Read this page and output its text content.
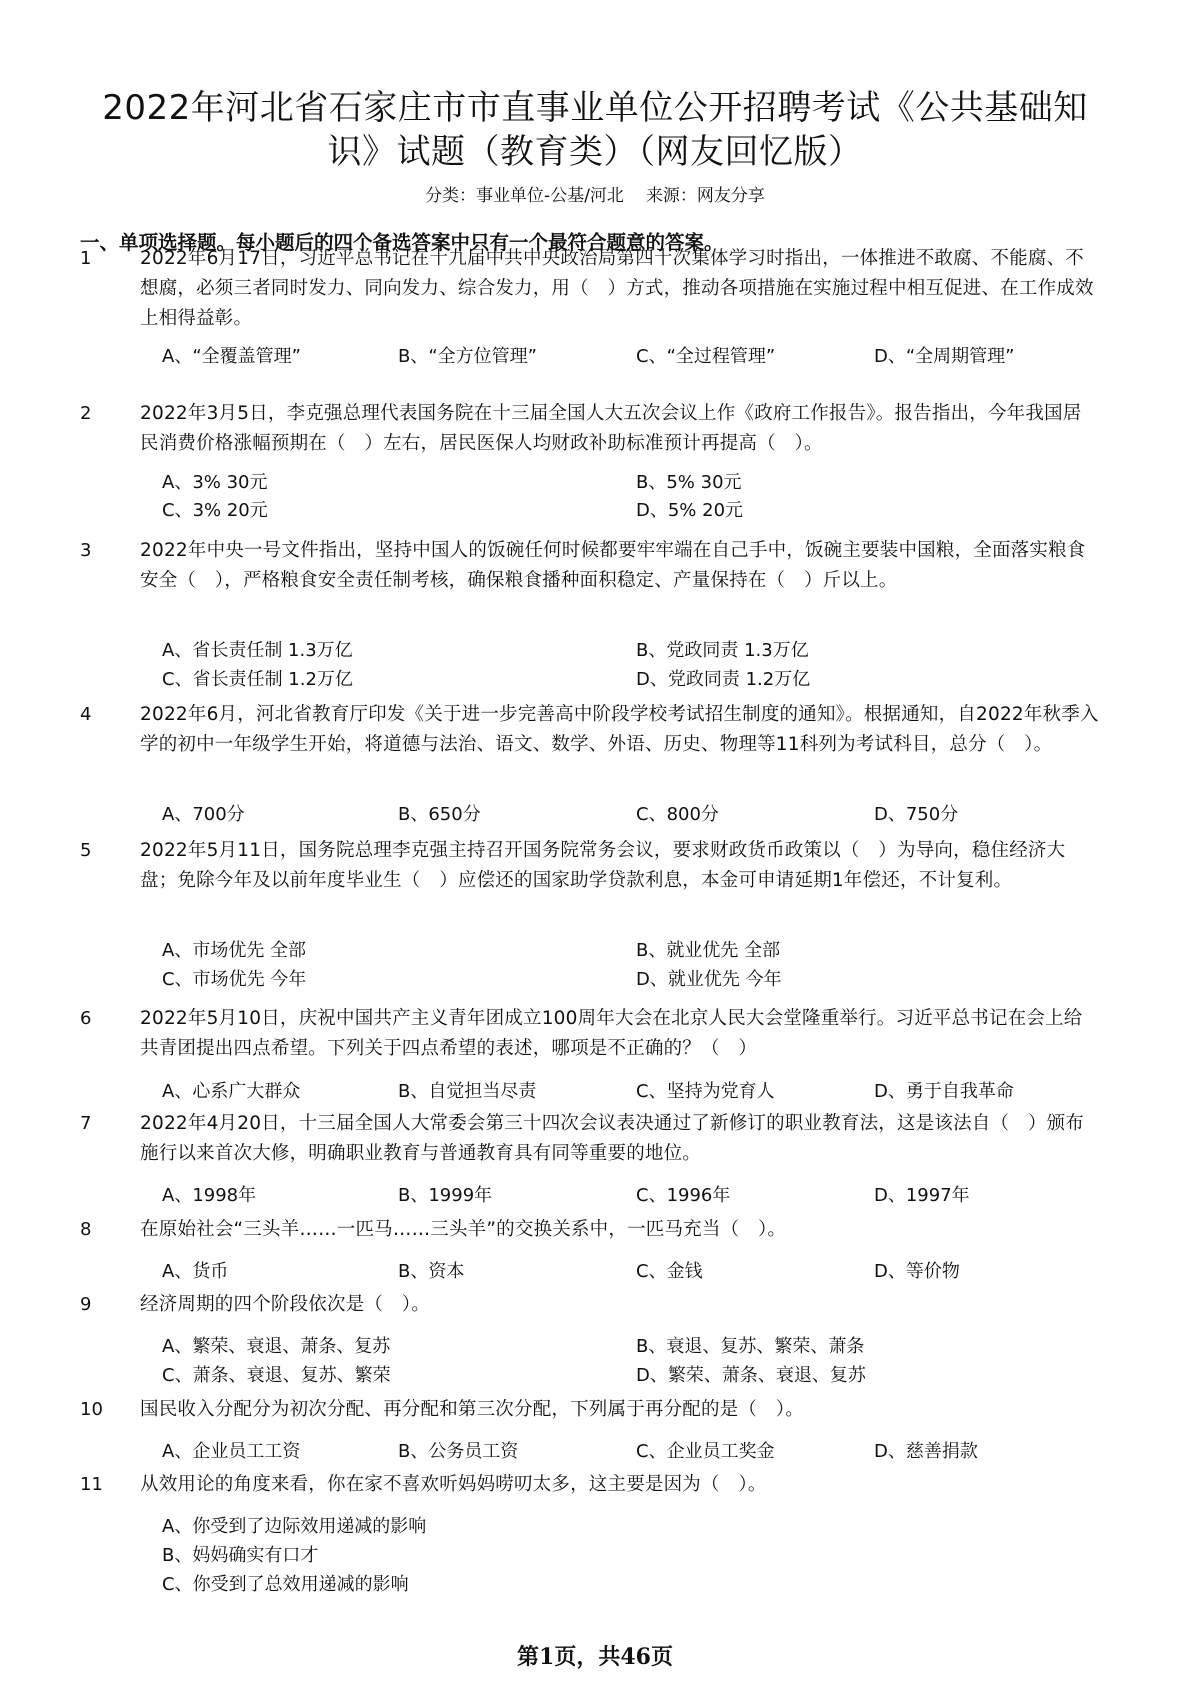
2022年河北省石家庄市市直事业单位公开招聘考试《公共基础知
识》试题（教育类）（网友回忆版）
分类：事业单位-公基/河北 来源：网友分享
一、单项选择题。每小题后的四个备选答案中只有一个最符合题意的答案。
1	2022年6月17日，习近平总书记在十九届中共中央政治局第四十次集体学习时指出，一体推进不敢腐、不能腐、不想腐，必须三者同时发力、同向发力、综合发力，用（　）方式，推动各项措施在实施过程中相互促进、在工作成效上相得益彰。
A、“全覆盖管理”	B、“全方位管理”	C、“全过程管理”	D、“全周期管理”
2	2022年3月5日，李克强总理代表国务院在十三届全国人大五次会议上作《政府工作报告》。报告指出，今年我国居民消费价格涨幅预期在（　）左右，居民医保人均财政补助标准预计再提高（　）。
A、3% 30元	B、5% 30元
C、3% 20元	D、5% 20元
3	2022年中央一号文件指出，坚持中国人的饭碗任何时候都要牢牢端在自己手中，饭碗主要装中国粮，全面落实粮食安全（　），严格粮食安全责任制考核，确保粮食播种面积稳定、产量保持在（　）斤以上。
A、省长责任制 1.3万亿	B、党政同责 1.3万亿
C、省长责任制 1.2万亿	D、党政同责 1.2万亿
4	2022年6月，河北省教育厅印发《关于进一步完善高中阶段学校考试招生制度的通知》。根据通知，自2022年秋季入学的初中一年级学生开始，将道德与法治、语文、数学、外语、历史、物理等11科列为考试科目，总分（　）。
A、700分	B、650分	C、800分	D、750分
5	2022年5月11日，国务院总理李克强主持召开国务院常务会议，要求财政货币政策以（　）为导向，稳住经济大盘；免除今年及以前年度毕业生（　）应偿还的国家助学贷款利息，本金可申请延期1年偿还，不计复利。
A、市场优先 全部	B、就业优先 全部
C、市场优先 今年	D、就业优先 今年
6	2022年5月10日，庆祝中国共产主义青年团成立100周年大会在北京人民大会堂隆重举行。习近平总书记在会上给共青团提出四点希望。下列关于四点希望的表述，哪项是不正确的？（　）
A、心系广大群众	B、自觉担当尽责	C、坚持为党育人	D、勇于自我革命
7	2022年4月20日，十三届全国人大常委会第三十四次会议表决通过了新修订的职业教育法，这是该法自（　）颁布施行以来首次大修，明确职业教育与普通教育具有同等重要的地位。
A、1998年	B、1999年	C、1996年	D、1997年
8	在原始社会“三头羊……一匹马……三头羊”的交换关系中，一匹马充当（　）。
A、货币	B、资本	C、金钱	D、等价物
9	经济周期的四个阶段依次是（　）。
A、繁荣、衰退、萧条、复苏	B、衰退、复苏、繁荣、萧条
C、萧条、衰退、复苏、繁荣	D、繁荣、萧条、衰退、复苏
10	国民收入分配分为初次分配、再分配和第三次分配，下列属于再分配的是（　）。
A、企业员工工资	B、公务员工资	C、企业员工奖金	D、慈善捐款
11	从效用论的角度来看，你在家不喜欢听妈妈唠叨太多，这主要是因为（　）。
A、你受到了边际效用递减的影响
B、妈妈确实有口才
C、你受到了总效用递减的影响
第1页，共46页
